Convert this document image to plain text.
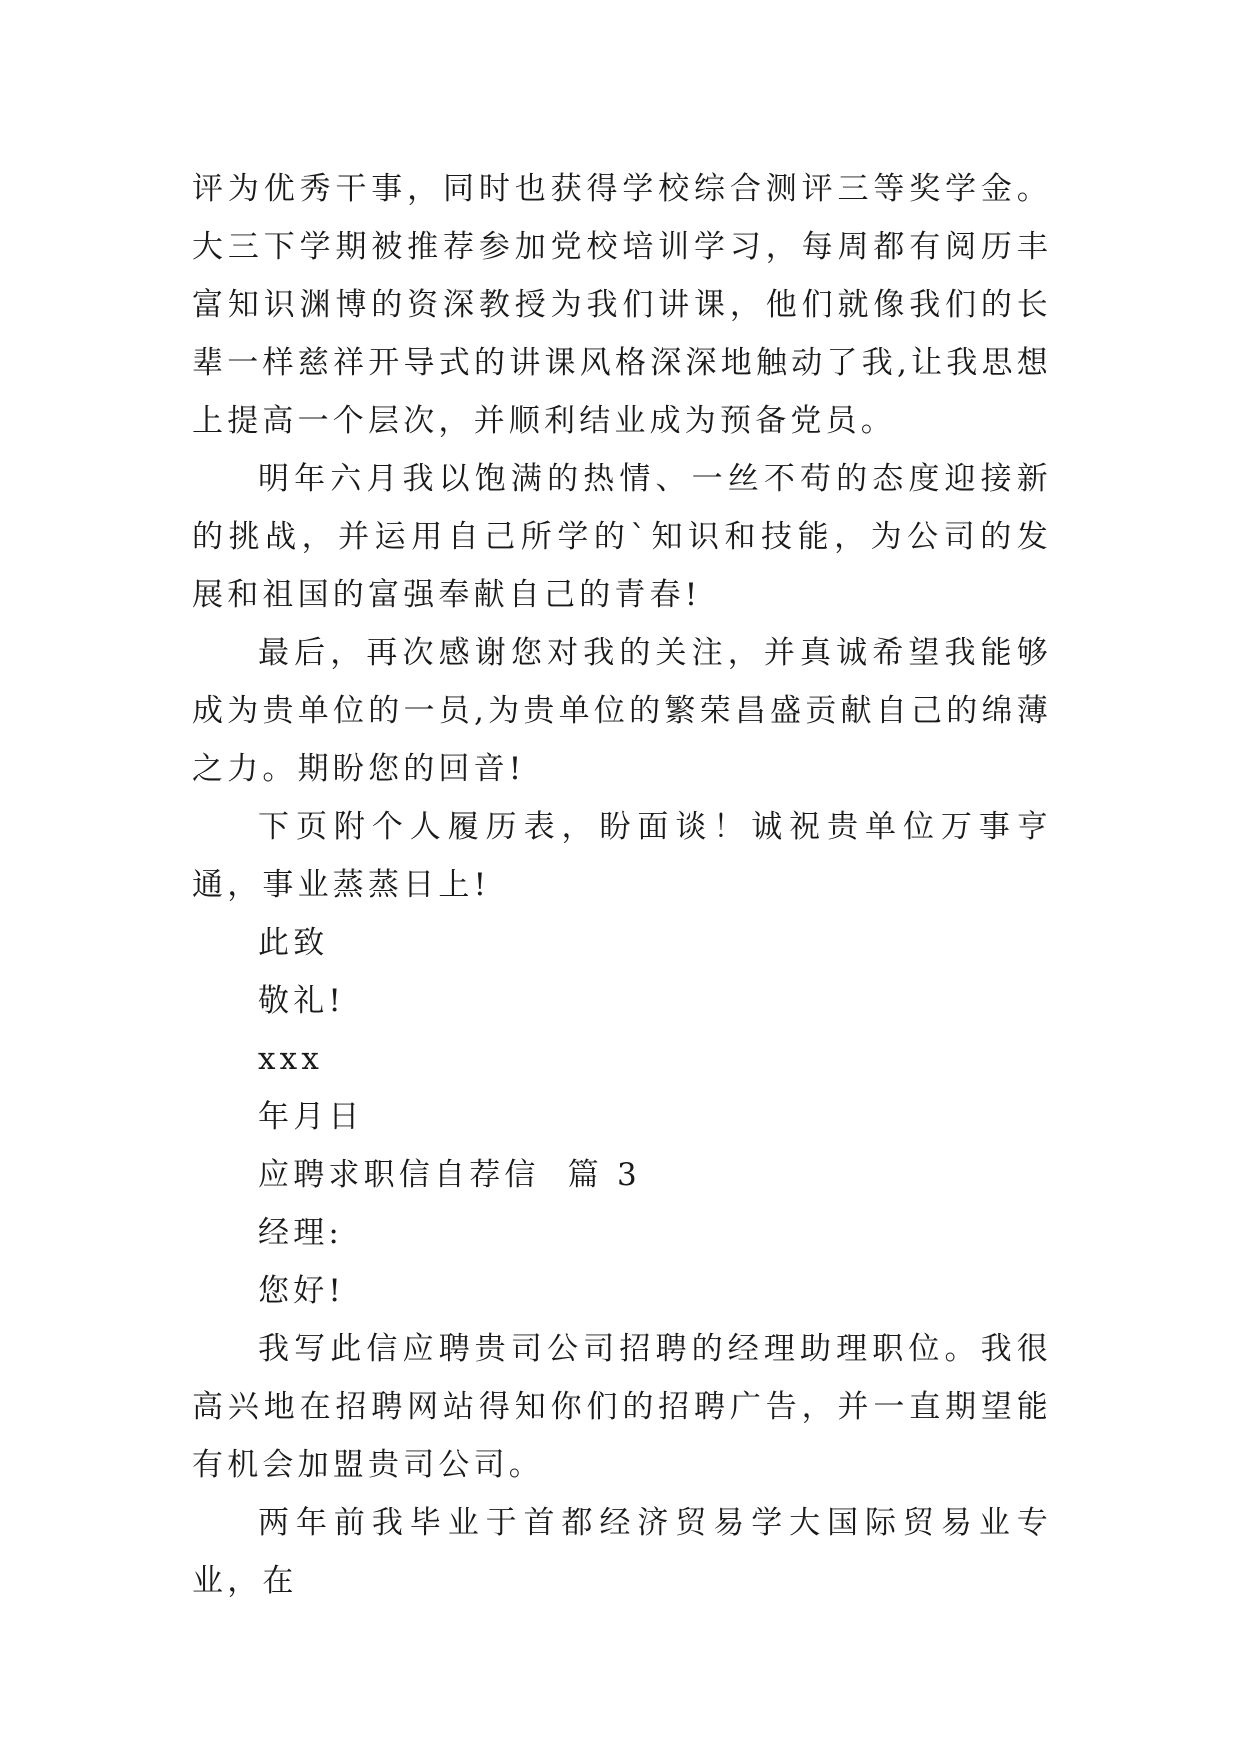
评为优秀干事，同时也获得学校综合测评三等奖学金。大三下学期被推荐参加党校培训学习，每周都有阅历丰富知识渊博的资深教授为我们讲课，他们就像我们的长辈一样慈祥开导式的讲课风格深深地触动了我,让我思想上提高一个层次，并顺利结业成为预备党员。

明年六月我以饱满的热情、一丝不苟的态度迎接新的挑战，并运用自己所学的`知识和技能，为公司的发展和祖国的富强奉献自己的青春!

最后，再次感谢您对我的关注，并真诚希望我能够成为贵单位的一员,为贵单位的繁荣昌盛贡献自己的绵薄之力。期盼您的回音!

下页附个人履历表，盼面谈！诚祝贵单位万事亨通，事业蒸蒸日上!

此致

敬礼!

xxx

年月日

应聘求职信自荐信  篇 3

经理:

您好!

我写此信应聘贵司公司招聘的经理助理职位。我很高兴地在招聘网站得知你们的招聘广告，并一直期望能有机会加盟贵司公司。

两年前我毕业于首都经济贸易学大国际贸易业专业，在
